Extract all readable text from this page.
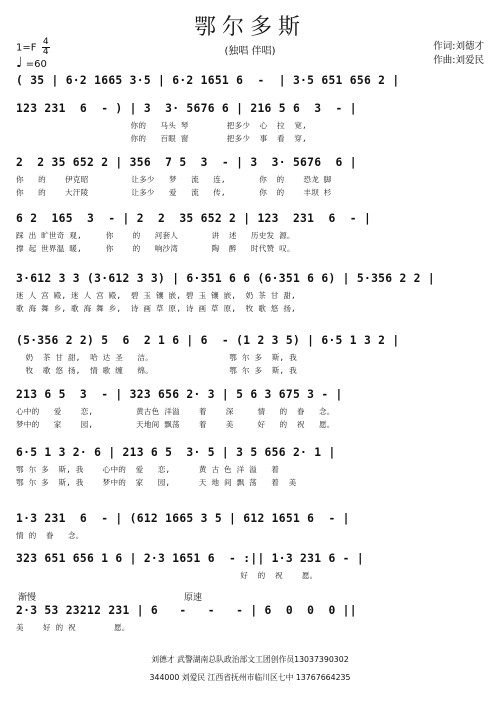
鄂尔多斯
(独唱 伴唱)	作词:刘德才
作曲:刘爱民
$1=F \frac{4}{4}$
♩ =60
( 35 | 6·2 1665 3·5 | 6·2 1651 6  -  | 3·5 651 656 2 |
123 231  6  - ) | 3  3· 5676 6 | 216 5 6  3  - |
你的   马头 琴        把多少  心  拉  宽,
你的   百眼 窗        把多少  事  看  穿,
2  2 35 652 2 | 356  7 5  3  - | 3  3· 5676  6 |
你   的    伊克昭         让多少   梦   流   连,       你  的    恐龙 脚
你   的    大汗陵         让多少   爱   流   传,       你  的    丰坝 杉
6 2  165  3  - | 2  2  35 652 2 | 123  231  6  - |
踩 出 旷世奇 观,     你    的   河套人       讲  述   历史发 源。
撑 起 世界温 暖,     你    的   响沙湾       陶  醉   时代赞 叹。
3·612 3 3 (3·612 3 3) | 6·351 6 6 (6·351 6 6) | 5·356 2 2 |
迷 人 宫 殿, 迷 人 宫 殿,  碧 玉 镶 嵌, 碧 玉 镶 嵌,  奶 茶 甘 甜,
歌 海 舞 乡, 歌 海 舞 乡,  诗 画 草 原, 诗 画 草 原,  牧 歌 悠 扬,
(5·356 2 2) 5  6  2 1 6 | 6  - (1 2 3 5) | 6·5 1 3 2 |
奶  茶 甘 甜,  哈 达 圣   洁。                鄂 尔 多  斯, 我
牧  歌 悠 扬,  情 歌 缠   绵。                鄂 尔 多  斯, 我
213 6 5  3  - | 323 656 2· 3 | 5 6 3 675 3 - |
心中的   爱    恋,         黄古色 洋溢    着    深     情   的  眷   念。
梦中的   家    园,         天地间 飘荡    着    美     好   的  祝   愿。
6·5 1 3 2· 6 | 213 6 5  3· 5 | 3 5 656 2· 1 |
鄂 尔 多  斯, 我    心中的  爱   恋,      黄 古 色 洋 溢   着
鄂 尔 多  斯, 我    梦中的  家   园,      天 地 间 飘 荡   着  美
1·3 231  6  - | (612 1665 3 5 | 612 1651 6  - |
情 的  眷   念。
323 651 656 1 6 | 2·3 1651 6  - :|| 1·3 231 6 - |
好  的  祝    愿。
渐慢	原速
2·3 53 23212 231 | 6   -   -   - | 6  0  0  0 ||
美    好 的 祝        愿。
刘德才 武警湖南总队政治部文工团创作员13037390302
344000 刘爱民 江西省抚州市临川区七中 13767664235
